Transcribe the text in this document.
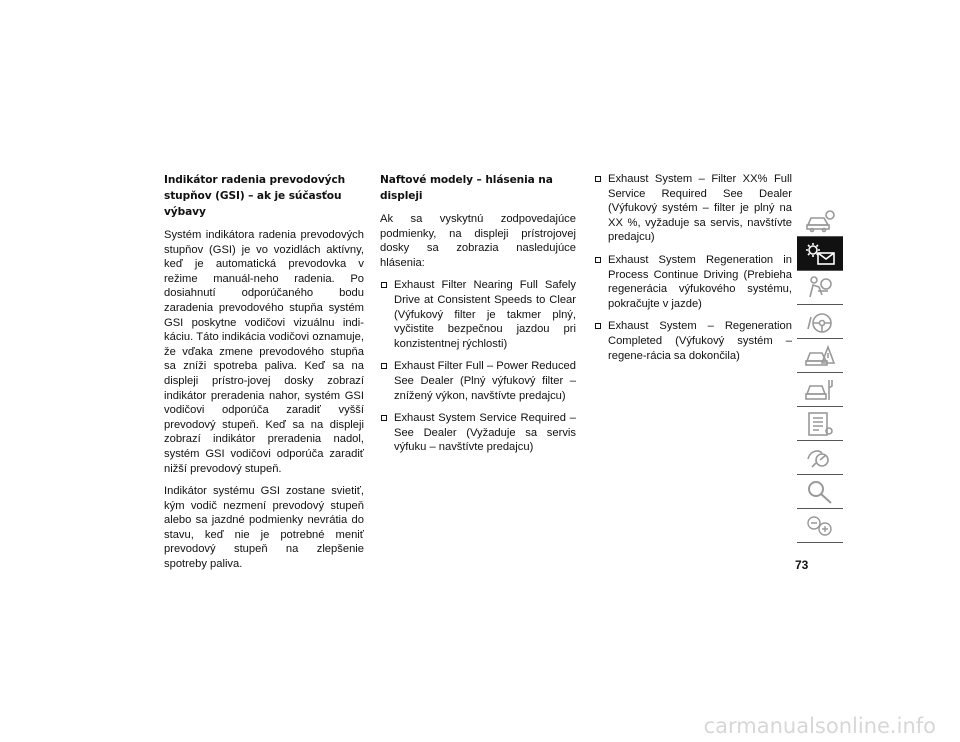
Indikátor radenia prevodových stupňov (GSI) – ak je súčasťou výbavy

Systém indikátora radenia prevodových stupňov (GSI) je vo vozidlách aktívny, keď je automatická prevodovka v režime manuál-neho radenia. Po dosiahnutí odporúčaného bodu zaradenia prevodového stupňa systém GSI poskytne vodičovi vizuálnu indi-káciu. Táto indikácia vodičovi oznamuje, že vďaka zmene prevodového stupňa sa zníži spotreba paliva. Keď sa na displeji prístro-jovej dosky zobrazí indikátor preradenia nahor, systém GSI vodičovi odporúča zaradiť vyšší prevodový stupeň. Keď sa na displeji zobrazí indikátor preradenia nadol, systém GSI vodičovi odporúča zaradiť nižší prevodový stupeň.

Indikátor systému GSI zostane svietiť, kým vodič nezmení prevodový stupeň alebo sa jazdné podmienky nevrátia do stavu, keď nie je potrebné meniť prevodový stupeň na zlepšenie spotreby paliva.

Naftové modely – hlásenia na displeji

Ak sa vyskytnú zodpovedajúce podmienky, na displeji prístrojovej dosky sa zobrazia nasledujúce hlásenia:

Exhaust Filter Nearing Full Safely Drive at Consistent Speeds to Clear (Výfukový filter je takmer plný, vyčistite bezpečnou jazdou pri konzistentnej rýchlosti)
Exhaust Filter Full – Power Reduced See Dealer (Plný výfukový filter – znížený výkon, navštívte predajcu)
Exhaust System Service Required – See Dealer (Vyžaduje sa servis výfuku – navštívte predajcu)
Exhaust System – Filter XX% Full Service Required See Dealer (Výfukový systém – filter je plný na XX %, vyžaduje sa servis, navštívte predajcu)
Exhaust System Regeneration in Process Continue Driving (Prebieha regenerácia výfukového systému, pokračujte v jazde)
Exhaust System – Regeneration Completed (Výfukový systém – regene-rácia sa dokončila)
73
carmanualsonline.info
